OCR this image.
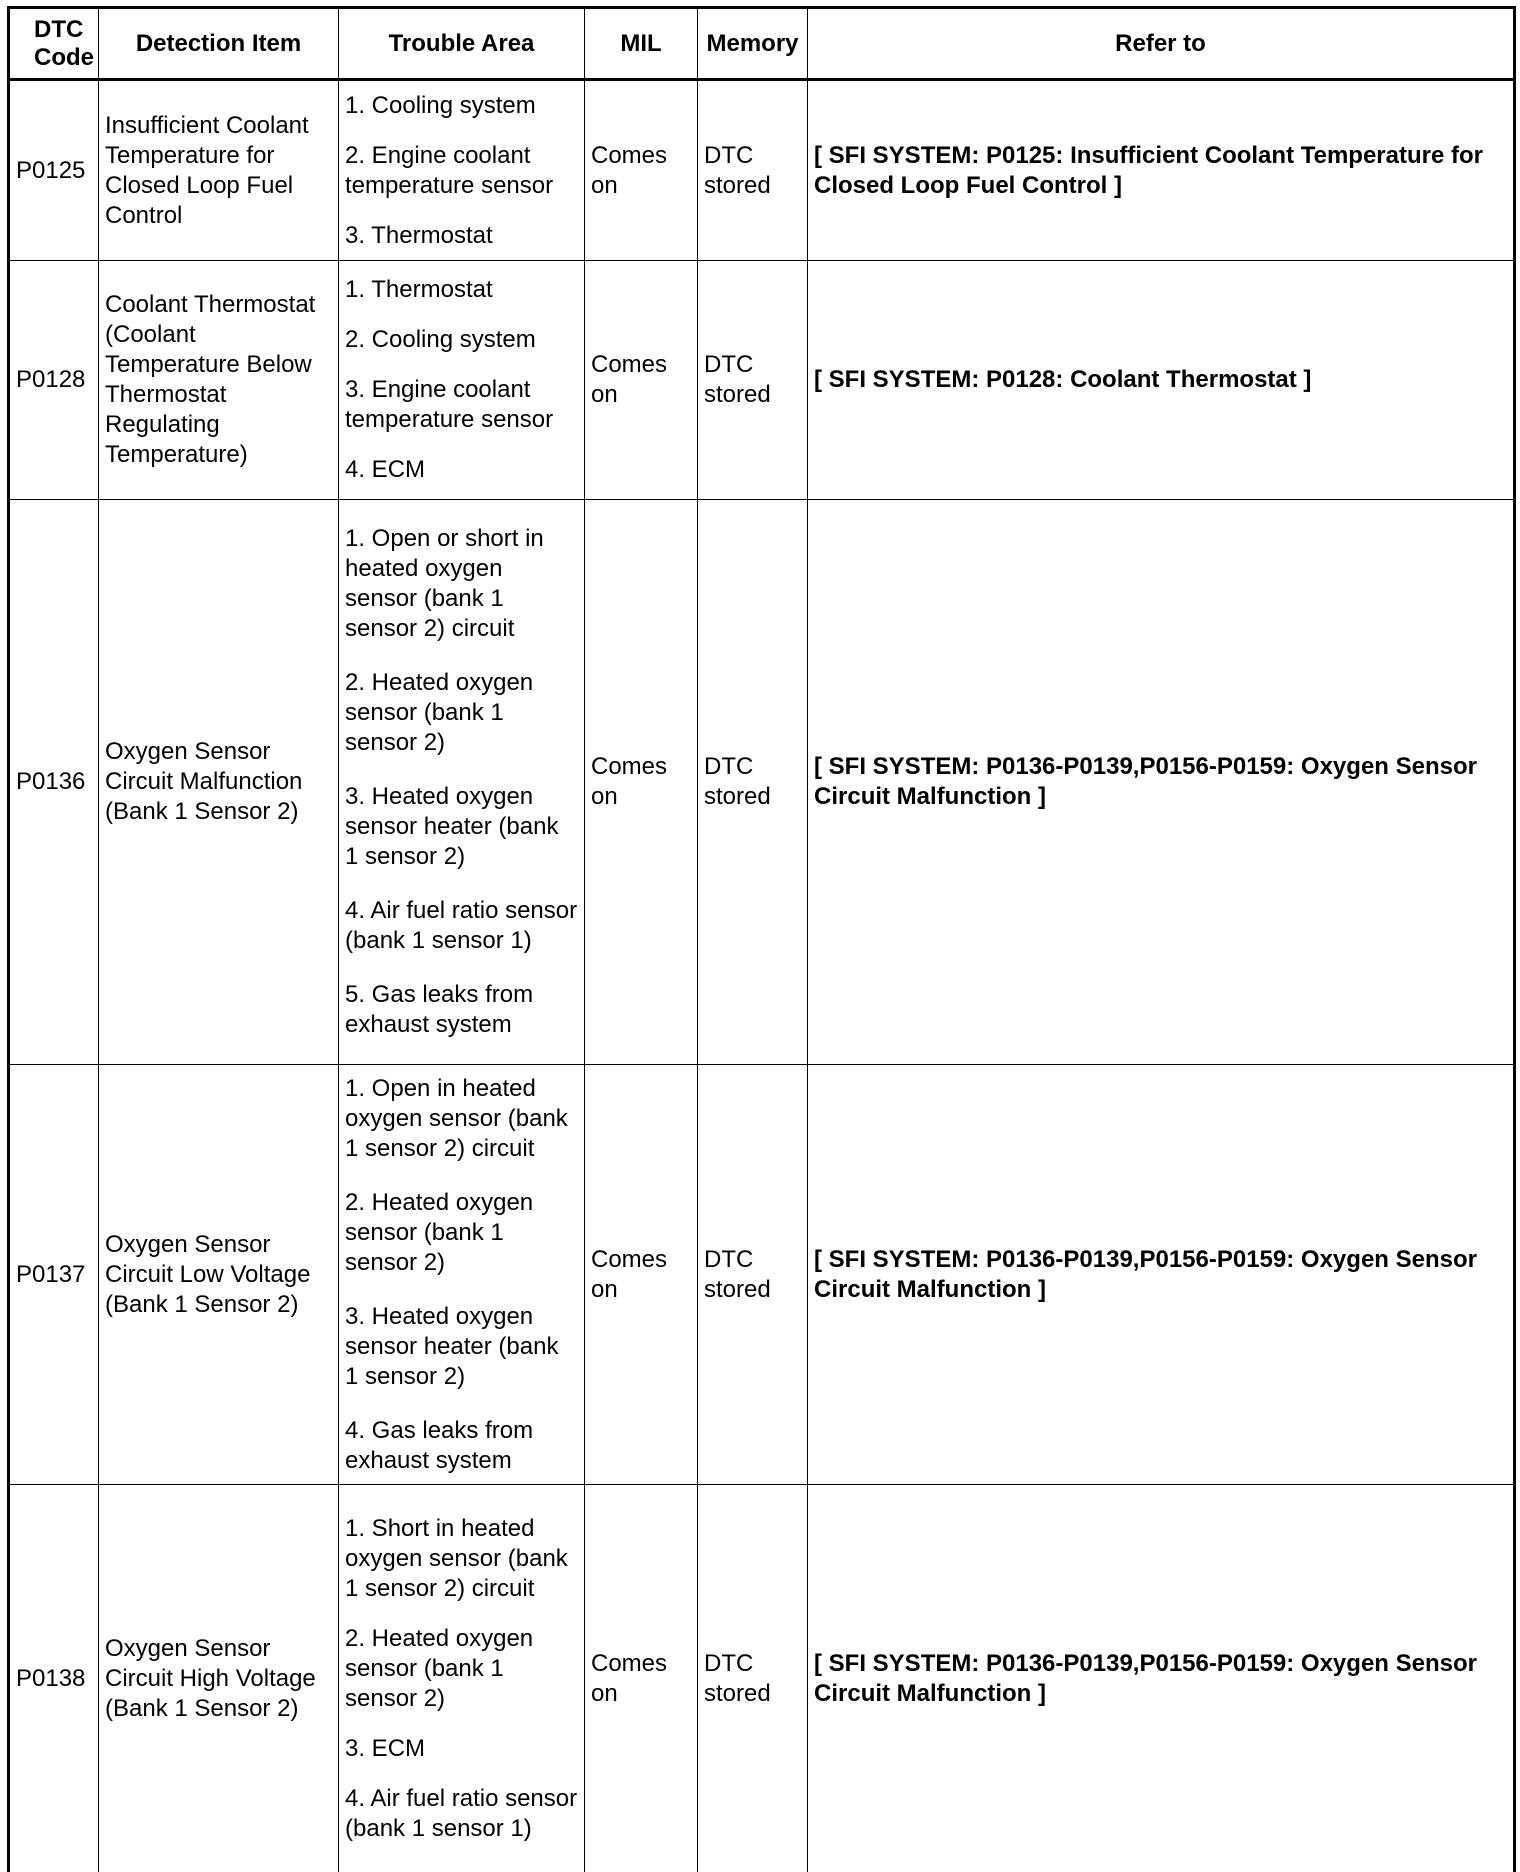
DTC Code	Detection Item	Trouble Area	MIL	Memory	Refer to
P0125	Insufficient Coolant Temperature for Closed Loop Fuel Control	1. Cooling system
2. Engine coolant temperature sensor
3. Thermostat	Comes on	DTC stored	[ SFI SYSTEM: P0125: Insufficient Coolant Temperature for Closed Loop Fuel Control ]
P0128	Coolant Thermostat (Coolant Temperature Below Thermostat Regulating Temperature)	1. Thermostat
2. Cooling system
3. Engine coolant temperature sensor
4. ECM	Comes on	DTC stored	[ SFI SYSTEM: P0128: Coolant Thermostat ]
P0136	Oxygen Sensor Circuit Malfunction (Bank 1 Sensor 2)	1. Open or short in heated oxygen sensor (bank 1 sensor 2) circuit
2. Heated oxygen sensor (bank 1 sensor 2)
3. Heated oxygen sensor heater (bank 1 sensor 2)
4. Air fuel ratio sensor (bank 1 sensor 1)
5. Gas leaks from exhaust system	Comes on	DTC stored	[ SFI SYSTEM: P0136-P0139,P0156-P0159: Oxygen Sensor Circuit Malfunction ]
P0137	Oxygen Sensor Circuit Low Voltage (Bank 1 Sensor 2)	1. Open in heated oxygen sensor (bank 1 sensor 2) circuit
2. Heated oxygen sensor (bank 1 sensor 2)
3. Heated oxygen sensor heater (bank 1 sensor 2)
4. Gas leaks from exhaust system	Comes on	DTC stored	[ SFI SYSTEM: P0136-P0139,P0156-P0159: Oxygen Sensor Circuit Malfunction ]
P0138	Oxygen Sensor Circuit High Voltage (Bank 1 Sensor 2)	1. Short in heated oxygen sensor (bank 1 sensor 2) circuit
2. Heated oxygen sensor (bank 1 sensor 2)
3. ECM
4. Air fuel ratio sensor (bank 1 sensor 1)	Comes on	DTC stored	[ SFI SYSTEM: P0136-P0139,P0156-P0159: Oxygen Sensor Circuit Malfunction ]
